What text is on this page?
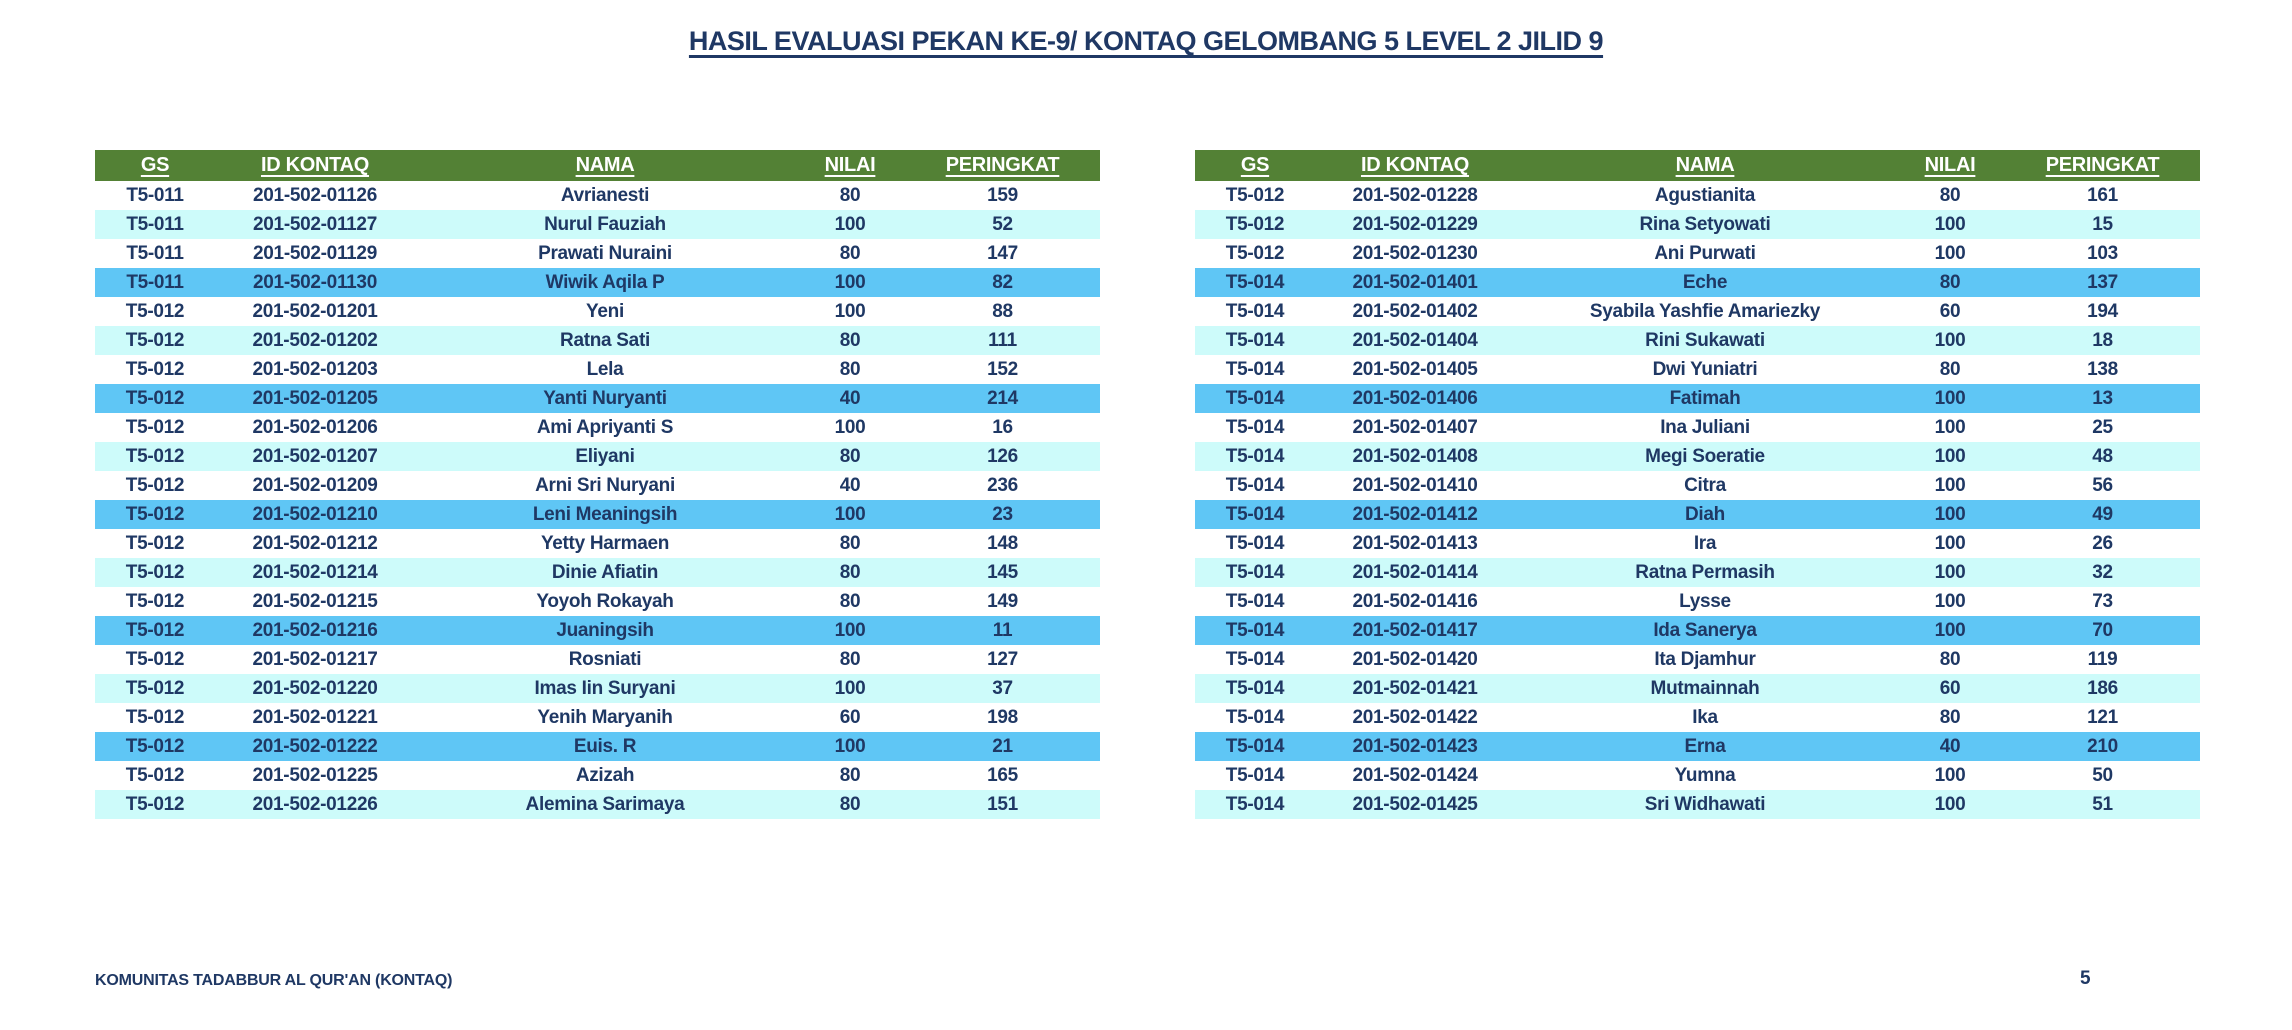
HASIL EVALUASI PEKAN KE-9/ KONTAQ GELOMBANG 5 LEVEL 2 JILID 9
GS	ID KONTAQ	NAMA	NILAI	PERINGKAT
T5-011	201-502-01126	Avrianesti	80	159
T5-011	201-502-01127	Nurul Fauziah	100	52
T5-011	201-502-01129	Prawati Nuraini	80	147
T5-011	201-502-01130	Wiwik Aqila P	100	82
T5-012	201-502-01201	Yeni	100	88
T5-012	201-502-01202	Ratna Sati	80	111
T5-012	201-502-01203	Lela	80	152
T5-012	201-502-01205	Yanti Nuryanti	40	214
T5-012	201-502-01206	Ami Apriyanti S	100	16
T5-012	201-502-01207	Eliyani	80	126
T5-012	201-502-01209	Arni Sri Nuryani	40	236
T5-012	201-502-01210	Leni Meaningsih	100	23
T5-012	201-502-01212	Yetty Harmaen	80	148
T5-012	201-502-01214	Dinie Afiatin	80	145
T5-012	201-502-01215	Yoyoh Rokayah	80	149
T5-012	201-502-01216	Juaningsih	100	11
T5-012	201-502-01217	Rosniati	80	127
T5-012	201-502-01220	Imas Iin Suryani	100	37
T5-012	201-502-01221	Yenih Maryanih	60	198
T5-012	201-502-01222	Euis. R	100	21
T5-012	201-502-01225	Azizah	80	165
T5-012	201-502-01226	Alemina Sarimaya	80	151
GS	ID KONTAQ	NAMA	NILAI	PERINGKAT
T5-012	201-502-01228	Agustianita	80	161
T5-012	201-502-01229	Rina Setyowati	100	15
T5-012	201-502-01230	Ani Purwati	100	103
T5-014	201-502-01401	Eche	80	137
T5-014	201-502-01402	Syabila Yashfie Amariezky	60	194
T5-014	201-502-01404	Rini Sukawati	100	18
T5-014	201-502-01405	Dwi Yuniatri	80	138
T5-014	201-502-01406	Fatimah	100	13
T5-014	201-502-01407	Ina Juliani	100	25
T5-014	201-502-01408	Megi Soeratie	100	48
T5-014	201-502-01410	Citra	100	56
T5-014	201-502-01412	Diah	100	49
T5-014	201-502-01413	Ira	100	26
T5-014	201-502-01414	Ratna Permasih	100	32
T5-014	201-502-01416	Lysse	100	73
T5-014	201-502-01417	Ida Sanerya	100	70
T5-014	201-502-01420	Ita Djamhur	80	119
T5-014	201-502-01421	Mutmainnah	60	186
T5-014	201-502-01422	Ika	80	121
T5-014	201-502-01423	Erna	40	210
T5-014	201-502-01424	Yumna	100	50
T5-014	201-502-01425	Sri Widhawati	100	51
KOMUNITAS TADABBUR AL QUR'AN (KONTAQ)	5
